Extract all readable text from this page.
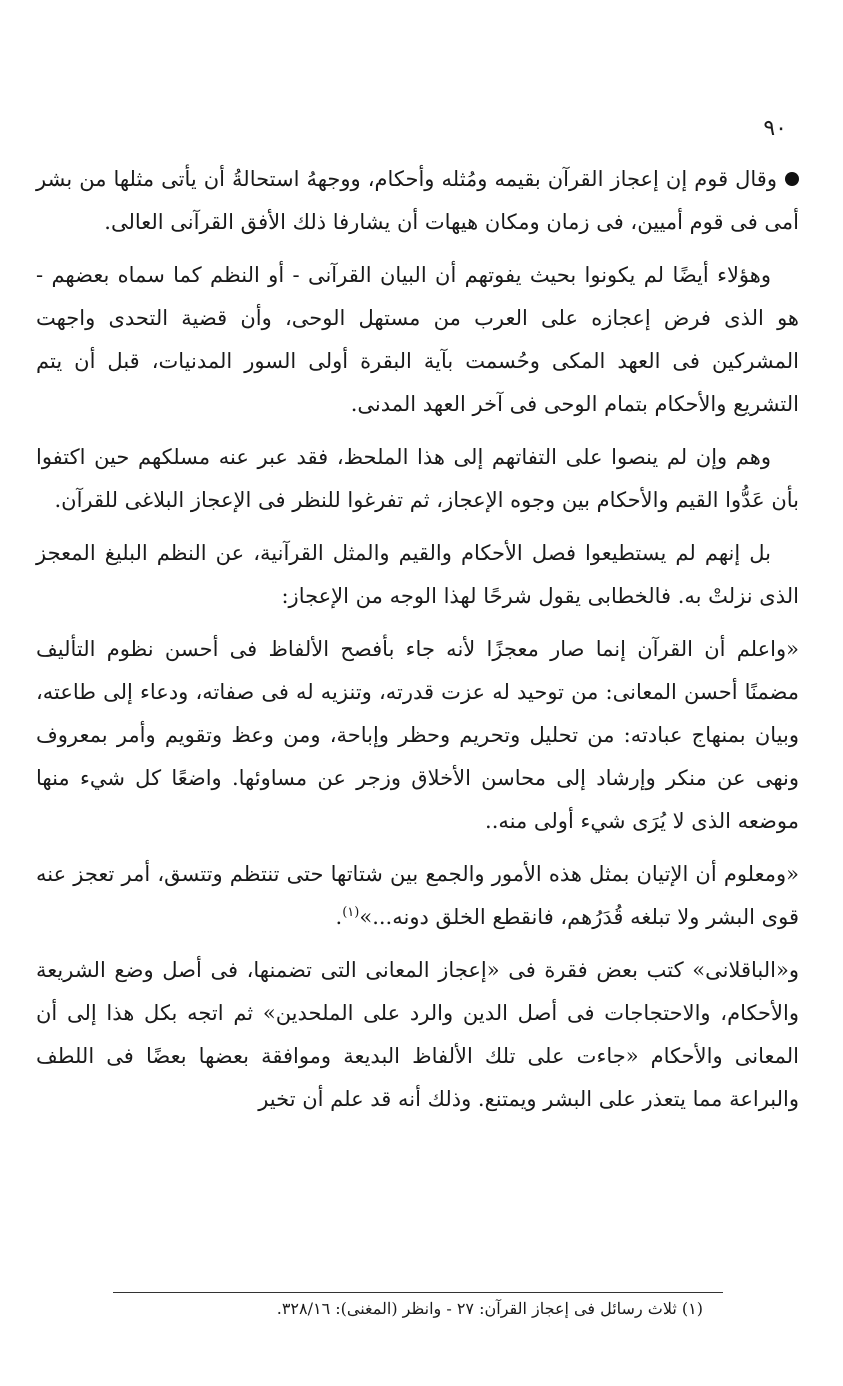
٩٠

وقال قوم إن إعجاز القرآن بقيمه ومُثله وأحكام، ووجههُ استحالةُ أن يأتى مثلها من بشر أمى فى قوم أميين، فى زمان ومكان هيهات أن يشارفا ذلك الأفق القرآنى العالى.

وهؤلاء أيضًا لم يكونوا بحيث يفوتهم أن البيان القرآنى - أو النظم كما سماه بعضهم - هو الذى فرض إعجازه على العرب من مستهل الوحى، وأن قضية التحدى واجهت المشركين فى العهد المكى وحُسمت بآية البقرة أولى السور المدنيات، قبل أن يتم التشريع والأحكام بتمام الوحى فى آخر العهد المدنى.

وهم وإن لم ينصوا على التفاتهم إلى هذا الملحظ، فقد عبر عنه مسلكهم حين اكتفوا بأن عَدُّوا القيم والأحكام بين وجوه الإعجاز، ثم تفرغوا للنظر فى الإعجاز البلاغى للقرآن.

بل إنهم لم يستطيعوا فصل الأحكام والقيم والمثل القرآنية، عن النظم البليغ المعجز الذى نزلتْ به. فالخطابى يقول شرحًا لهذا الوجه من الإعجاز:

«واعلم أن القرآن إنما صار معجزًا لأنه جاء بأفصح الألفاظ فى أحسن نظوم التأليف مضمنًا أحسن المعانى: من توحيد له عزت قدرته، وتنزيه له فى صفاته، ودعاء إلى طاعته، وبيان بمنهاج عبادته: من تحليل وتحريم وحظر وإباحة، ومن وعظ وتقويم وأمر بمعروف ونهى عن منكر وإرشاد إلى محاسن الأخلاق وزجر عن مساوئها. واضعًا كل شيء منها موضعه الذى لا يُرَى شيء أولى منه..

«ومعلوم أن الإتيان بمثل هذه الأمور والجمع بين شتاتها حتى تنتظم وتتسق، أمر تعجز عنه قوى البشر ولا تبلغه قُدَرُهم، فانقطع الخلق دونه...»$^{(١)}$.

و«الباقلانى» كتب بعض فقرة فى «إعجاز المعانى التى تضمنها، فى أصل وضع الشريعة والأحكام، والاحتجاجات فى أصل الدين والرد على الملحدين» ثم اتجه بكل هذا إلى أن المعانى والأحكام «جاءت على تلك الألفاظ البديعة وموافقة بعضها بعضًا فى اللطف والبراعة مما يتعذر على البشر ويمتنع. وذلك أنه قد علم أن تخير

(١) ثلاث رسائل فى إعجاز القرآن: ٢٧ - وانظر (المغنى): ٣٢٨/١٦.
